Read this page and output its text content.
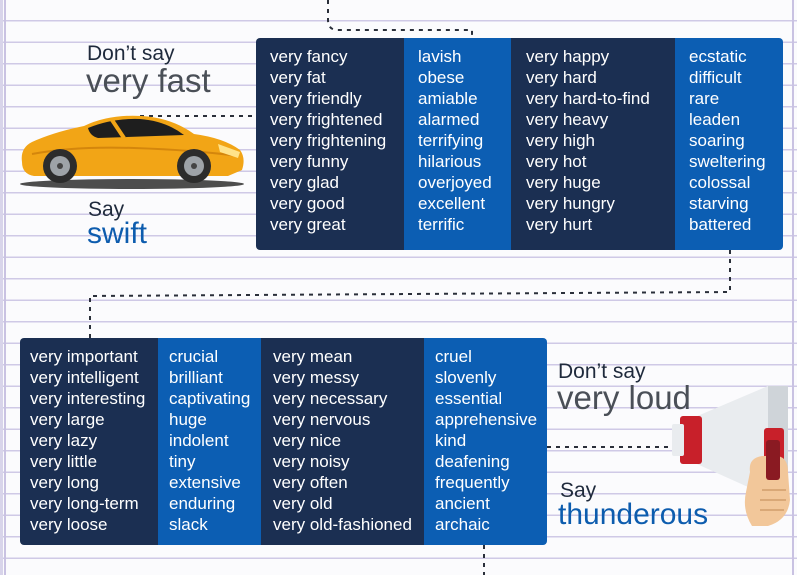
Don’t say
very fast
Say
swift
very fancy
very fat
very friendly
very frightened
very frightening
very funny
very glad
very good
very great
lavish
obese
amiable
alarmed
terrifying
hilarious
overjoyed
excellent
terrific
very happy
very hard
very hard-to-find
very heavy
very high
very hot
very huge
very hungry
very hurt
ecstatic
difficult
rare
leaden
soaring
sweltering
colossal
starving
battered
very important
very intelligent
very interesting
very large
very lazy
very little
very long
very long-term
very loose
crucial
brilliant
captivating
huge
indolent
tiny
extensive
enduring
slack
very mean
very messy
very necessary
very nervous
very nice
very noisy
very often
very old
very old-fashioned
cruel
slovenly
essential
apprehensive
kind
deafening
frequently
ancient
archaic
Don’t say
very loud
Say
thunderous
